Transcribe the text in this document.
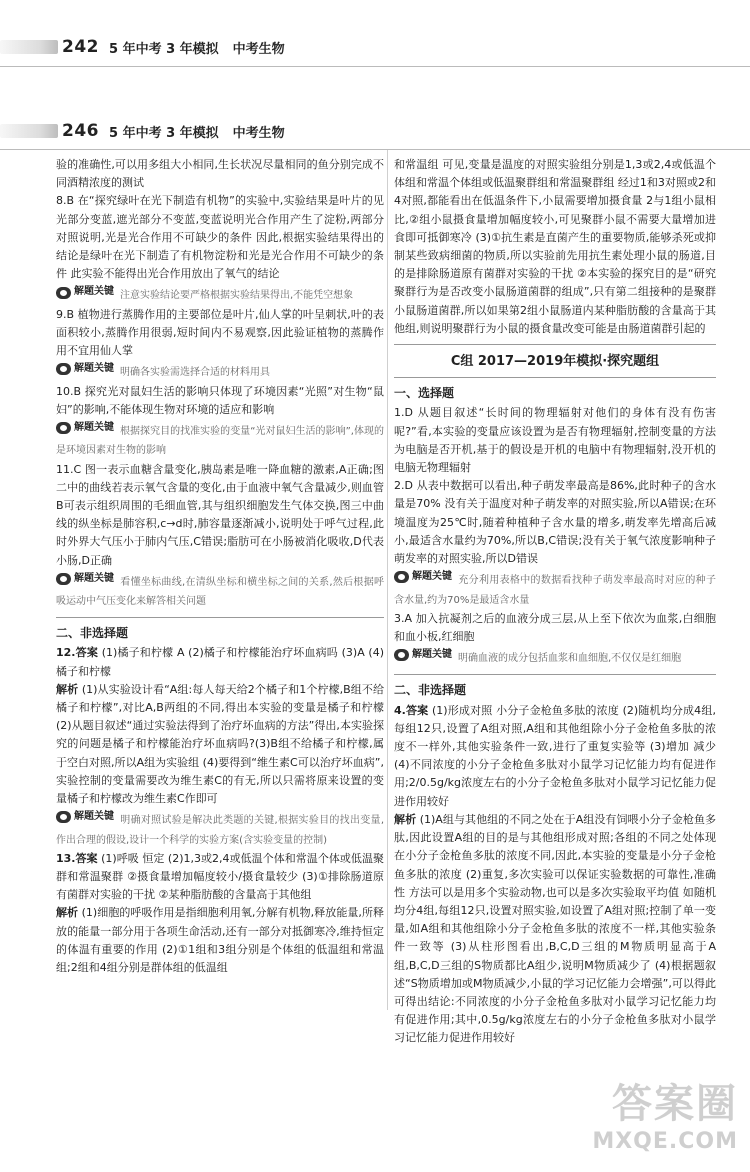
242 5 年中考 3 年模拟 中考生物
246 5 年中考 3 年模拟 中考生物

验的准确性,可以用多组大小相同,生长状况尽量相同的鱼分别完成不同酒精浓度的测试

8.B 在“探究绿叶在光下制造有机物”的实验中,实验结果是叶片的见光部分变蓝,遮光部分不变蓝,变蓝说明光合作用产生了淀粉,两部分对照说明,光是光合作用不可缺少的条件 因此,根据实验结果得出的结论是绿叶在光下制造了有机物淀粉和光是光合作用不可缺少的条件 此实验不能得出光合作用放出了氧气的结论

解题关键 注意实验结论要严格根据实验结果得出,不能凭空想象

9.B 植物进行蒸腾作用的主要部位是叶片,仙人掌的叶呈刺状,叶的表面积较小,蒸腾作用很弱,短时间内不易观察,因此验证植物的蒸腾作用不宜用仙人掌

解题关键 明确各实验需选择合适的材料用具

10.B 探究光对鼠妇生活的影响只体现了环境因素“光照”对生物“鼠妇”的影响,不能体现生物对环境的适应和影响

解题关键 根据探究目的找准实验的变量“光对鼠妇生活的影响”,体现的是环境因素对生物的影响

11.C 图一表示血糖含量变化,胰岛素是唯一降血糖的激素,A正确;图二中的曲线若表示氧气含量的变化,由于血液中氧气含量减少,则血管B可表示组织周围的毛细血管,其与组织细胞发生气体交换,图三中曲线的纵坐标是肺容积,c→d时,肺容量逐渐减小,说明处于呼气过程,此时外界大气压小于肺内气压,C错误;脂肪可在小肠被消化吸收,D代表小肠,D正确

解题关键 看懂坐标曲线,在清纵坐标和横坐标之间的关系,然后根据呼吸运动中气压变化来解答相关问题

二、非选择题

12.答案 (1)橘子和柠檬 A (2)橘子和柠檬能治疗坏血病吗 (3)A (4)橘子和柠檬

解析 (1)从实验设计看“A组:每人每天给2个橘子和1个柠檬,B组不给橘子和柠檬”,对比A,B两组的不同,得出本实验的变量是橘子和柠檬 (2)从题目叙述“通过实验法得到了治疗坏血病的方法”得出,本实验探究的问题是橘子和柠檬能治疗坏血病吗?(3)B组不给橘子和柠檬,属于空白对照,所以A组为实验组 (4)要得到“维生素C可以治疗坏血病”,实验控制的变量需要改为维生素C的有无,所以只需将原来设置的变量橘子和柠檬改为维生素C作即可

解题关键 明确对照试验是解决此类题的关键,根据实验目的找出变量,作出合理的假设,设计一个科学的实验方案(含实验变量的控制)

13.答案 (1)呼吸 恒定 (2)1,3或2,4或低温个体和常温个体或低温聚群和常温聚群 ②摄食量增加幅度较小/摄食量较少 (3)①排除肠道原有菌群对实验的干扰 ②某种脂肪酸的含量高于其他组

解析 (1)细胞的呼吸作用是指细胞利用氧,分解有机物,释放能量,所释放的能量一部分用于各项生命活动,还有一部分对抵御寒冷,维持恒定的体温有重要的作用 (2)①1组和3组分别是个体组的低温组和常温组;2组和4组分别是群体组的低温组

和常温组 可见,变量是温度的对照实验组分别是1,3或2,4或低温个体组和常温个体组或低温聚群组和常温聚群组 经过1和3对照或2和4对照,都能看出在低温条件下,小鼠需要增加摄食量 2与1组小鼠相比,②组小鼠摄食量增加幅度较小,可见聚群小鼠不需要大量增加进食即可抵御寒冷 (3)①抗生素是直菌产生的重要物质,能够杀死或抑制某些致病细菌的物质,所以实验前先用抗生素处理小鼠的肠道,目的是排除肠道原有菌群对实验的干扰 ②本实验的探究目的是“研究聚群行为是否改变小鼠肠道菌群的组成”,只有第二组接种的是聚群小鼠肠道菌群,所以如果第2组小鼠肠道内某种脂肪酸的含量高于其他组,则说明聚群行为小鼠的摄食量改变可能是由肠道菌群引起的

C组 2017—2019年模拟·探究题组
一、选择题

1.D 从题目叙述“长时间的物理辐射对他们的身体有没有伤害呢?”看,本实验的变量应该设置为是否有物理辐射,控制变量的方法为电脑是否开机,基于的假设是开机的电脑中有物理辐射,没开机的电脑无物理辐射

2.D 从表中数据可以看出,种子萌发率最高是86%,此时种子的含水量是70% 没有关于温度对种子萌发率的对照实验,所以A错误;在环境温度为25℃时,随着种植种子含水量的增多,萌发率先增高后减小,最适含水量约为70%,所以B,C错误;没有关于氧气浓度影响种子萌发率的对照实验,所以D错误

解题关键 充分利用表格中的数据看找种子萌发率最高时对应的种子含水量,约为70%是最适含水量

3.A 加入抗凝剂之后的血液分成三层,从上至下依次为血浆,白细胞和血小板,红细胞

解题关键 明确血液的成分包括血浆和血细胞,不仅仅是红细胞

二、非选择题

4.答案 (1)形成对照 小分子金枪鱼多肽的浓度 (2)随机均分成4组,每组12只,设置了A组对照,A组和其他组除小分子金枪鱼多肽的浓度不一样外,其他实验条件一致,进行了重复实验等 (3)增加 减少 (4)不同浓度的小分子金枪鱼多肽对小鼠学习记忆能力均有促进作用;2/0.5g/kg浓度左右的小分子金枪鱼多肽对小鼠学习记忆能力促进作用较好

解析 (1)A组与其他组的不同之处在于A组没有饲喂小分子金枪鱼多肽,因此设置A组的目的是与其他组形成对照;各组的不同之处体现在小分子金枪鱼多肽的浓度不同,因此,本实验的变量是小分子金枪鱼多肽的浓度 (2)重复,多次实验可以保证实验数据的可靠性,准确性 方法可以是用多个实验动物,也可以是多次实验取平均值 如随机均分4组,每组12只,设置对照实验,如设置了A组对照;控制了单一变量,如A组和其他组除小分子金枪鱼多肽的浓度不一样,其他实验条件一致等 (3)从柱形图看出,B,C,D三组的M物质明显高于A组,B,C,D三组的S物质都比A组少,说明M物质减少了 (4)根据题叙述“S物质增加或M物质减少,小鼠的学习记忆能力会增强”,可以得此可得出结论:不同浓度的小分子金枪鱼多肽对小鼠学习记忆能力均有促进作用;其中,0.5g/kg浓度左右的小分子金枪鱼多肽对小鼠学习记忆能力促进作用较好

答案圈
MXQE.COM
